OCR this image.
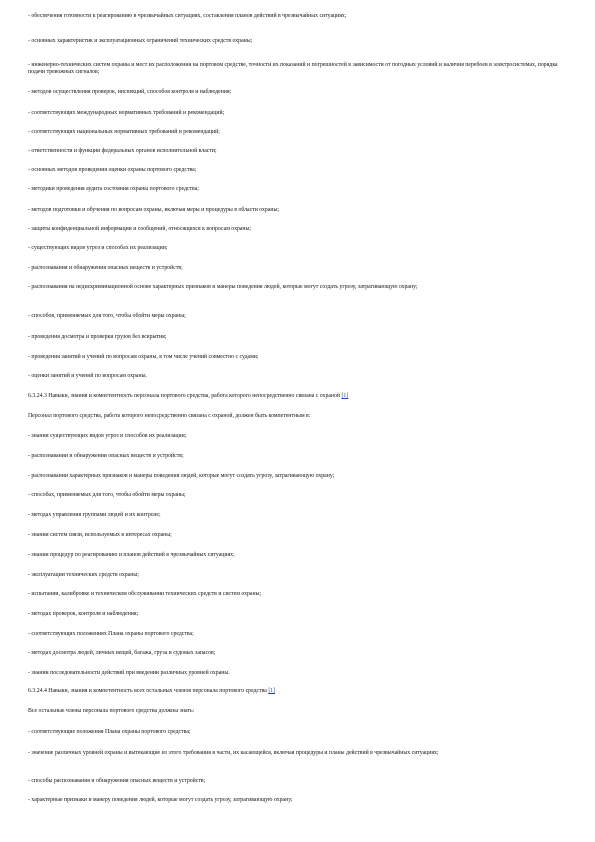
- обеспечения готовности к реагированию в чрезвычайных ситуациях, составления планов действий в чрезвычайных ситуациях;
- основных характеристик и эксплуатационных ограничений технических средств охраны;
- инженерно-технических систем охраны и мест их расположения на портовом средстве, точности их показаний и погрешностей в зависимости от погодных условий и наличия перебоев в электросистемах, порядка подачи тревожных сигналов;
- методов осуществления проверок, инспекций, способов контроля и наблюдения;
- соответствующих международных нормативных требований и рекомендаций;
- соответствующих национальных нормативных требований и рекомендаций;
- ответственности и функции федеральных органов исполнительной власти;
- основных методов проведения оценки охраны портового средства;
- методики проведения аудита состояния охраны портового средства;
- методов подготовки и обучения по вопросам охраны, включая меры и процедуры в области охраны;
- защиты конфиденциальной информации и сообщений, относящихся к вопросам охраны;
- существующих видов угроз и способах их реализации;
- распознавания и обнаружения опасных веществ и устройств;
- распознавания на недискриминационной основе характерных признаков и манеры поведения людей, которые могут создать угрозу, затрагивающую охрану;
- способов, применяемых для того, чтобы обойти меры охраны;
- проведения досмотра и проверки грузов без вскрытия;
- проведения занятий и учений по вопросам охраны, в том числе учений совместно с судами;
- оценки занятий и учений по вопросам охраны.
6.3.24.3 Навыки, знания и компетентность персонала портового средства, работа которого непосредственно связана с охраной [1]
Персонал портового средства, работа которого непосредственно связана с охраной, должен быть компетентным в:
- знании существующих видов угроз и способов их реализации;
- распознавании и обнаружении опасных веществ и устройств;
- распознавании характерных признаков и манеры поведения людей, которые могут создать угрозу, затрагивающую охрану;
- способах, применяемых для того, чтобы обойти меры охраны;
- методах управления группами людей и их контроле;
- знании систем связи, используемых в интересах охраны;
- знании процедур по реагированию и планов действий в чрезвычайных ситуациях;
- эксплуатации технических средств охраны;
- испытании, калибровке и техническом обслуживании технических средств и систем охраны;
- методах проверок, контроля и наблюдения;
- соответствующих положениях Плана охраны портового средства;
- методах досмотра людей, личных вещей, багажа, груза и судовых запасов;
- знании последовательности действий при введении различных уровней охраны.
6.3.24.4 Навыки, знания и компетентность всех остальных членов персонала портового средства [1]
Все остальные члены персонала портового средства должны знать:
- соответствующие положения Плана охраны портового средства;
- значение различных уровней охраны и вытекающие из этого требования в части, их касающейся, включая процедуры и планы действий в чрезвычайных ситуациях;
- способы распознавания и обнаружения опасных веществ и устройств;
- характерные признаки и манеру поведения людей, которые могут создать угрозу, затрагивающую охрану;
